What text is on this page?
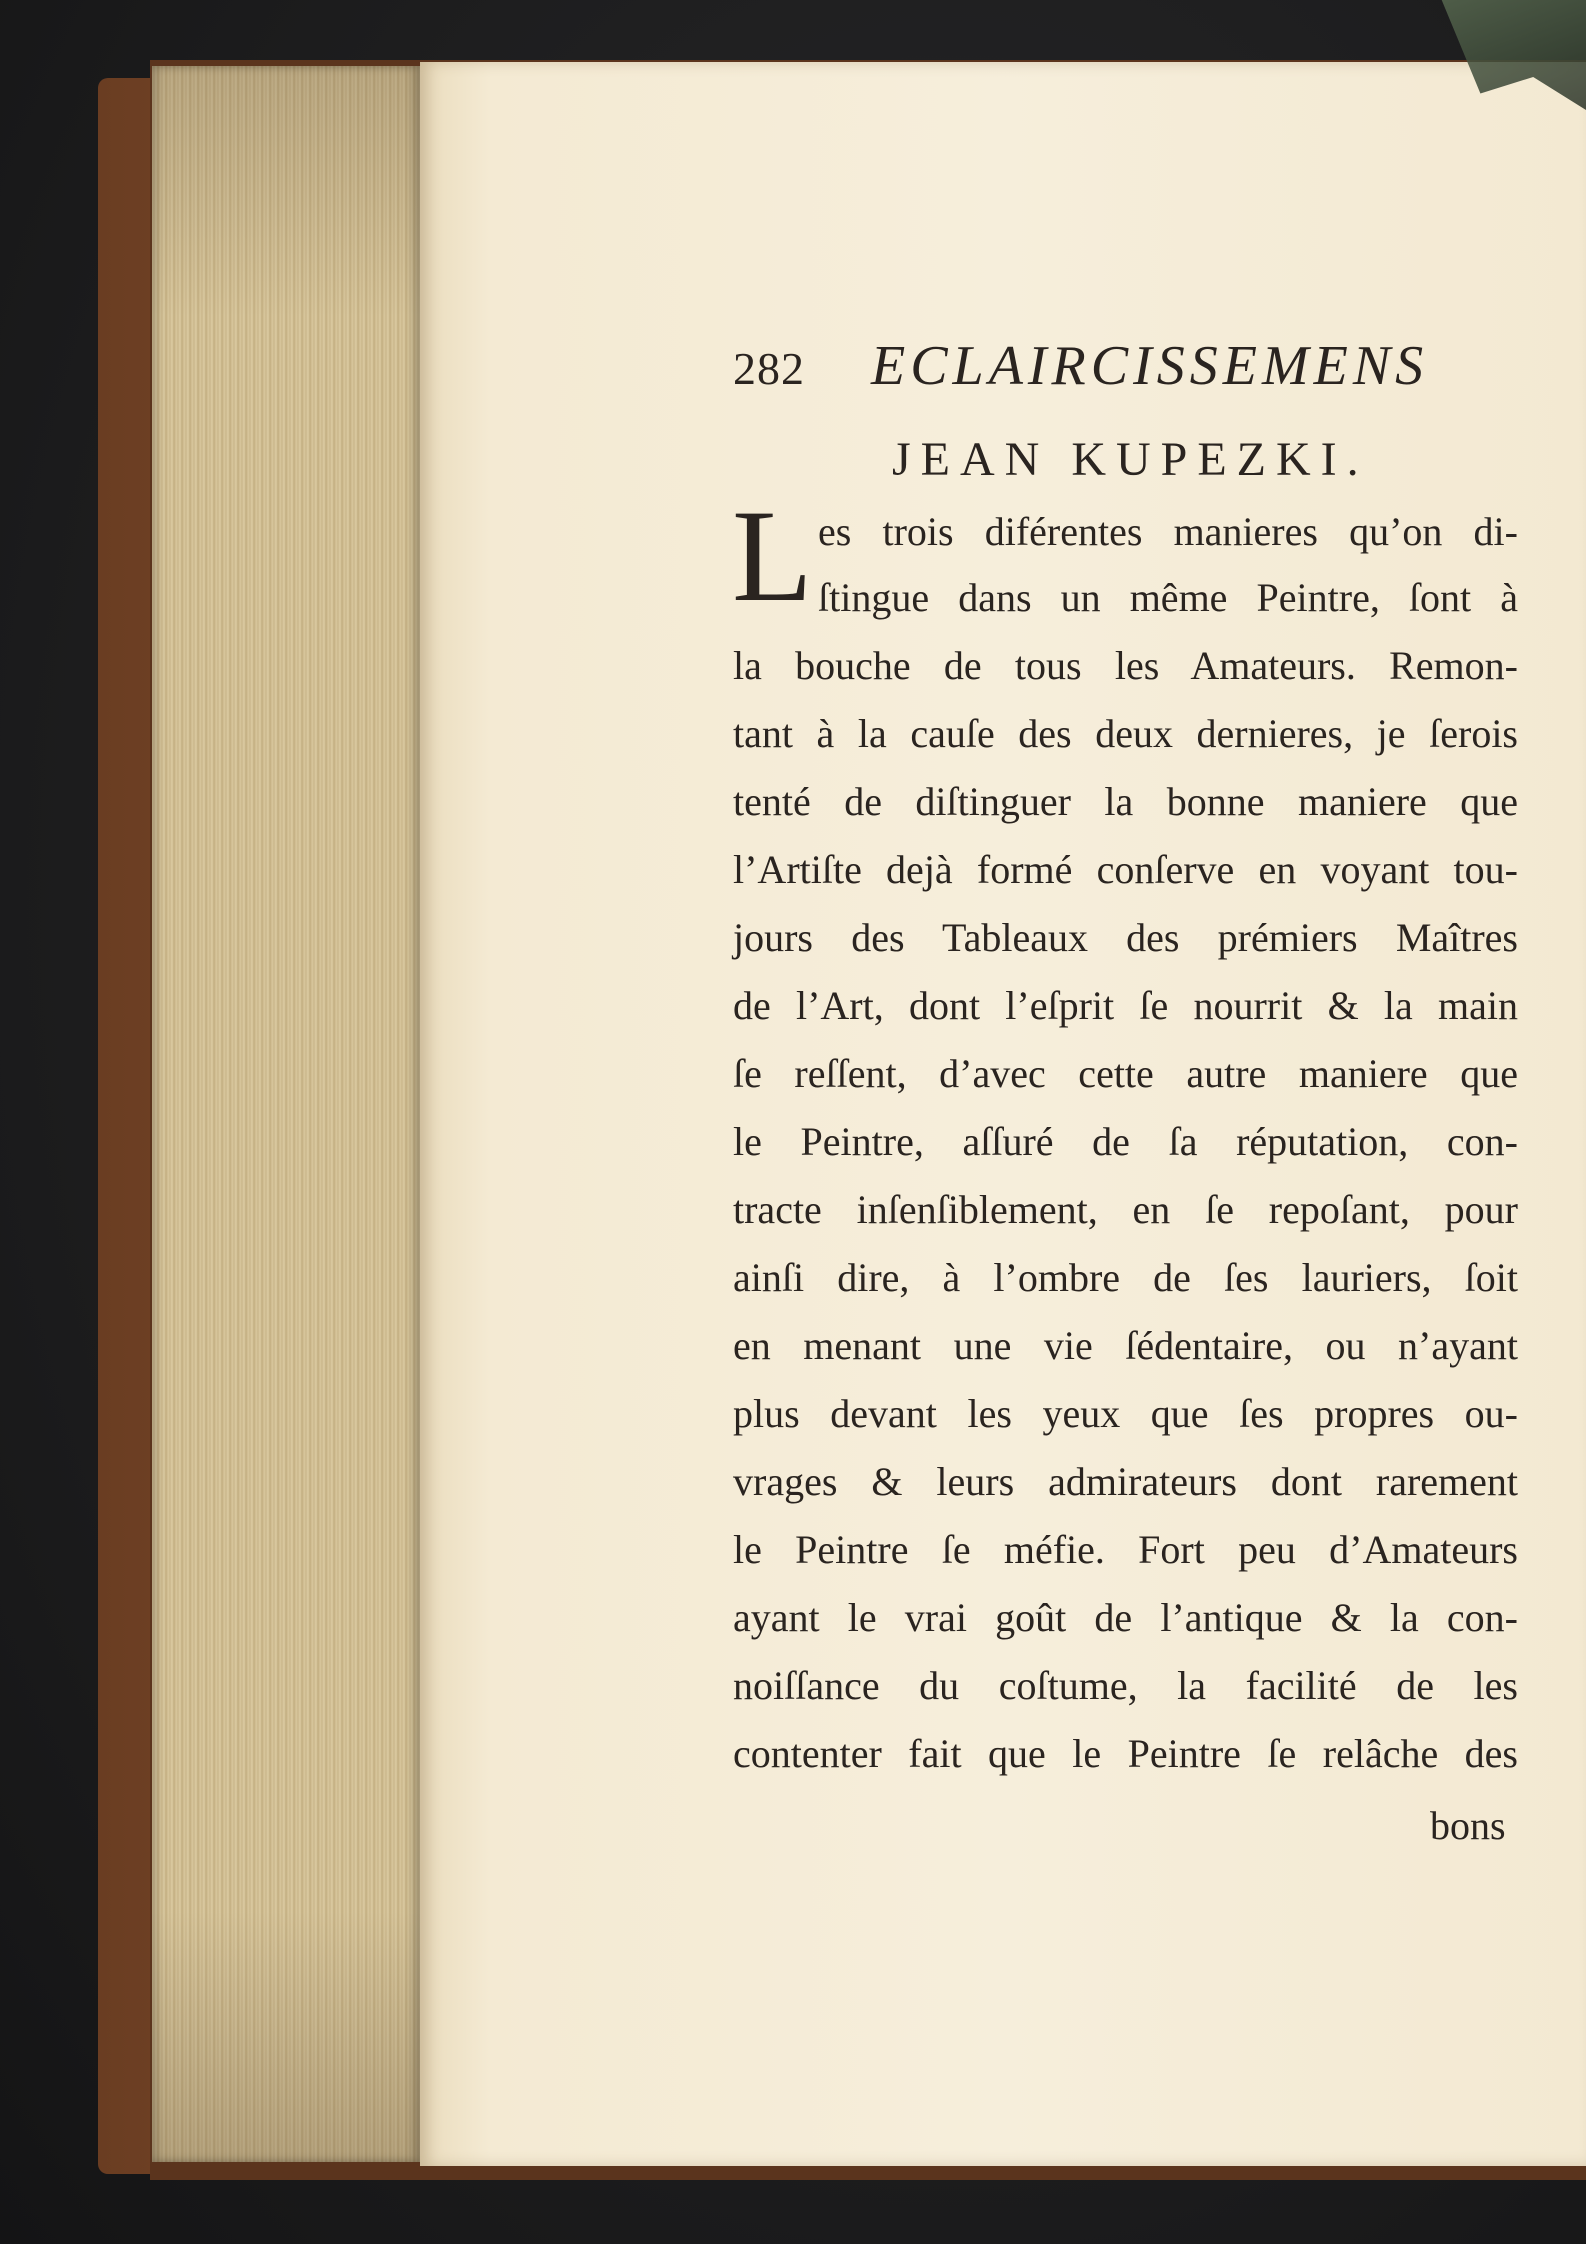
282 ECLAIRCISSEMENS
JEAN KUPEZKI.
L es trois diférentes manieres qu’on di-
ſtingue dans un même Peintre, ſont à
la bouche de tous les Amateurs. Remon-
tant à la cauſe des deux dernieres, je ſerois
tenté de diſtinguer la bonne maniere que
l’Artiſte dejà formé conſerve en voyant tou-
jours des Tableaux des prémiers Maîtres
de l’Art, dont l’eſprit ſe nourrit & la main
ſe reſſent, d’avec cette autre maniere que
le Peintre, aſſuré de ſa réputation, con-
tracte inſenſiblement, en ſe repoſant, pour
ainſi dire, à l’ombre de ſes lauriers, ſoit
en menant une vie ſédentaire, ou n’ayant
plus devant les yeux que ſes propres ou-
vrages & leurs admirateurs dont rarement
le Peintre ſe méfie. Fort peu d’Amateurs
ayant le vrai goût de l’antique & la con-
noiſſance du coſtume, la facilité de les
contenter fait que le Peintre ſe relâche des
bons
